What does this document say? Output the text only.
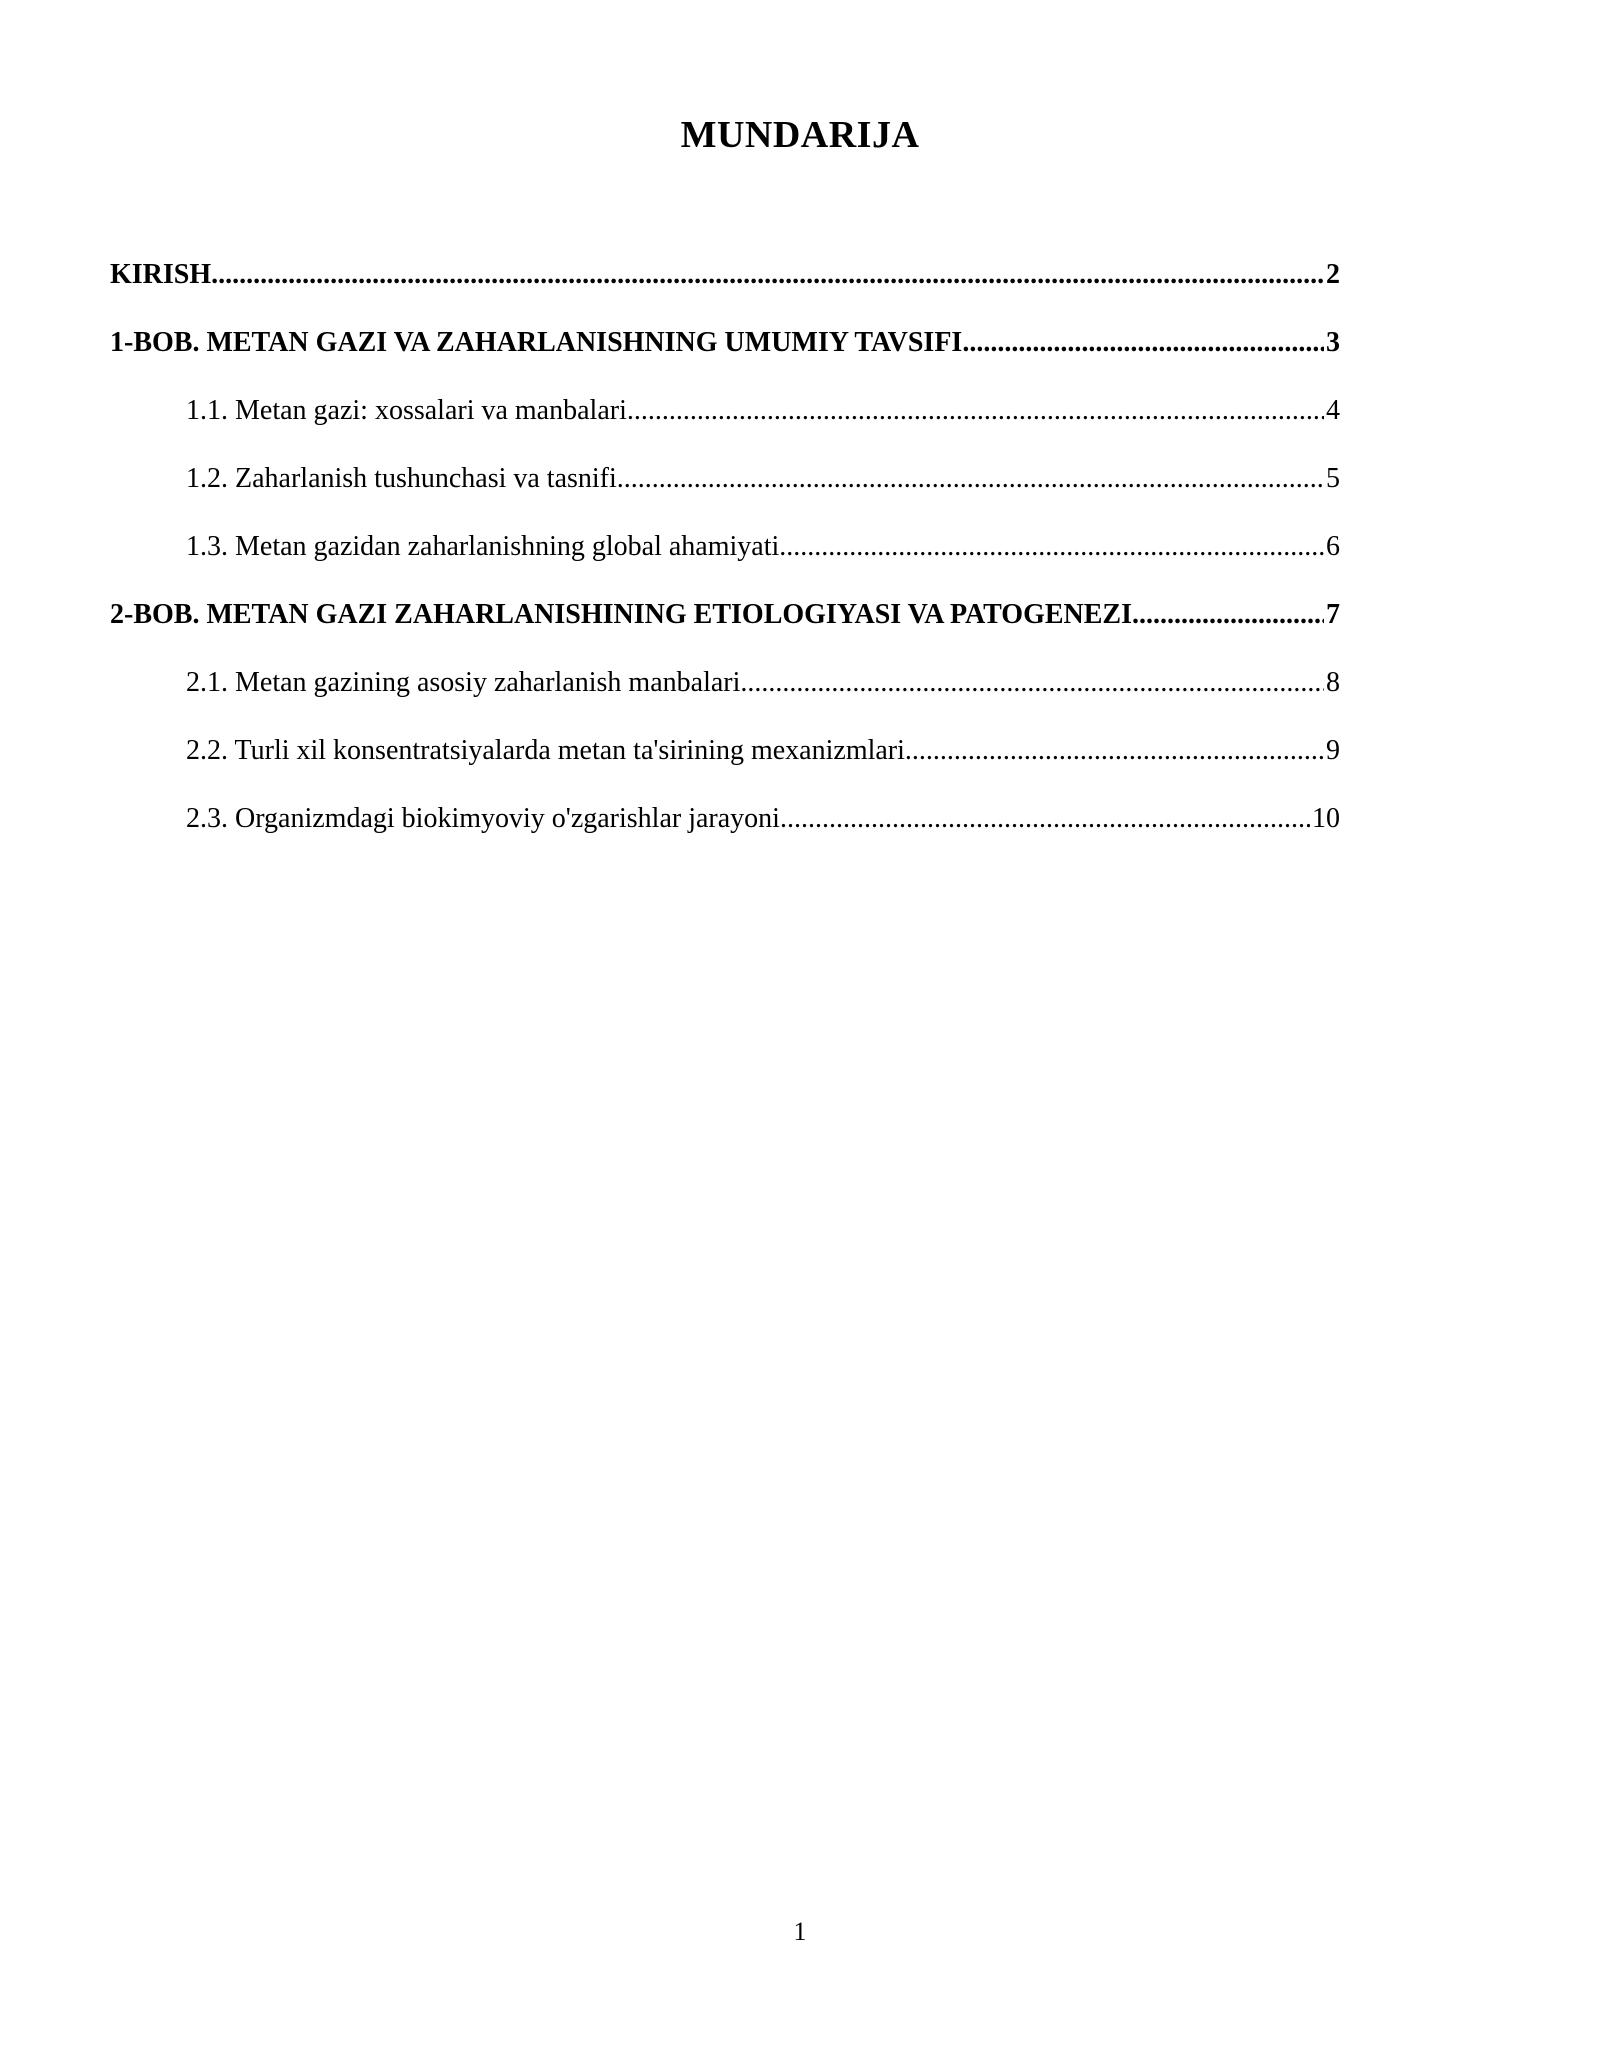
MUNDARIJA
KIRISH .....	2
1-BOB. METAN GAZI VA ZAHARLANISHNING UMUMIY TAVSIFI .....	3
1.1. Metan gazi: xossalari va manbalari .....	4
1.2. Zaharlanish tushunchasi va tasnifi .....	5
1.3. Metan gazidan zaharlanishning global ahamiyati .....	6
2-BOB. METAN GAZI ZAHARLANISHINING ETIOLOGIYASI VA PATOGENEZI .....	7
2.1. Metan gazining asosiy zaharlanish manbalari .....	8
2.2. Turli xil konsentratsiyalarda metan ta'sirining mexanizmlari .....	9
2.3. Organizmdagi biokimyoviy o'zgarishlar jarayoni .....	10
1
